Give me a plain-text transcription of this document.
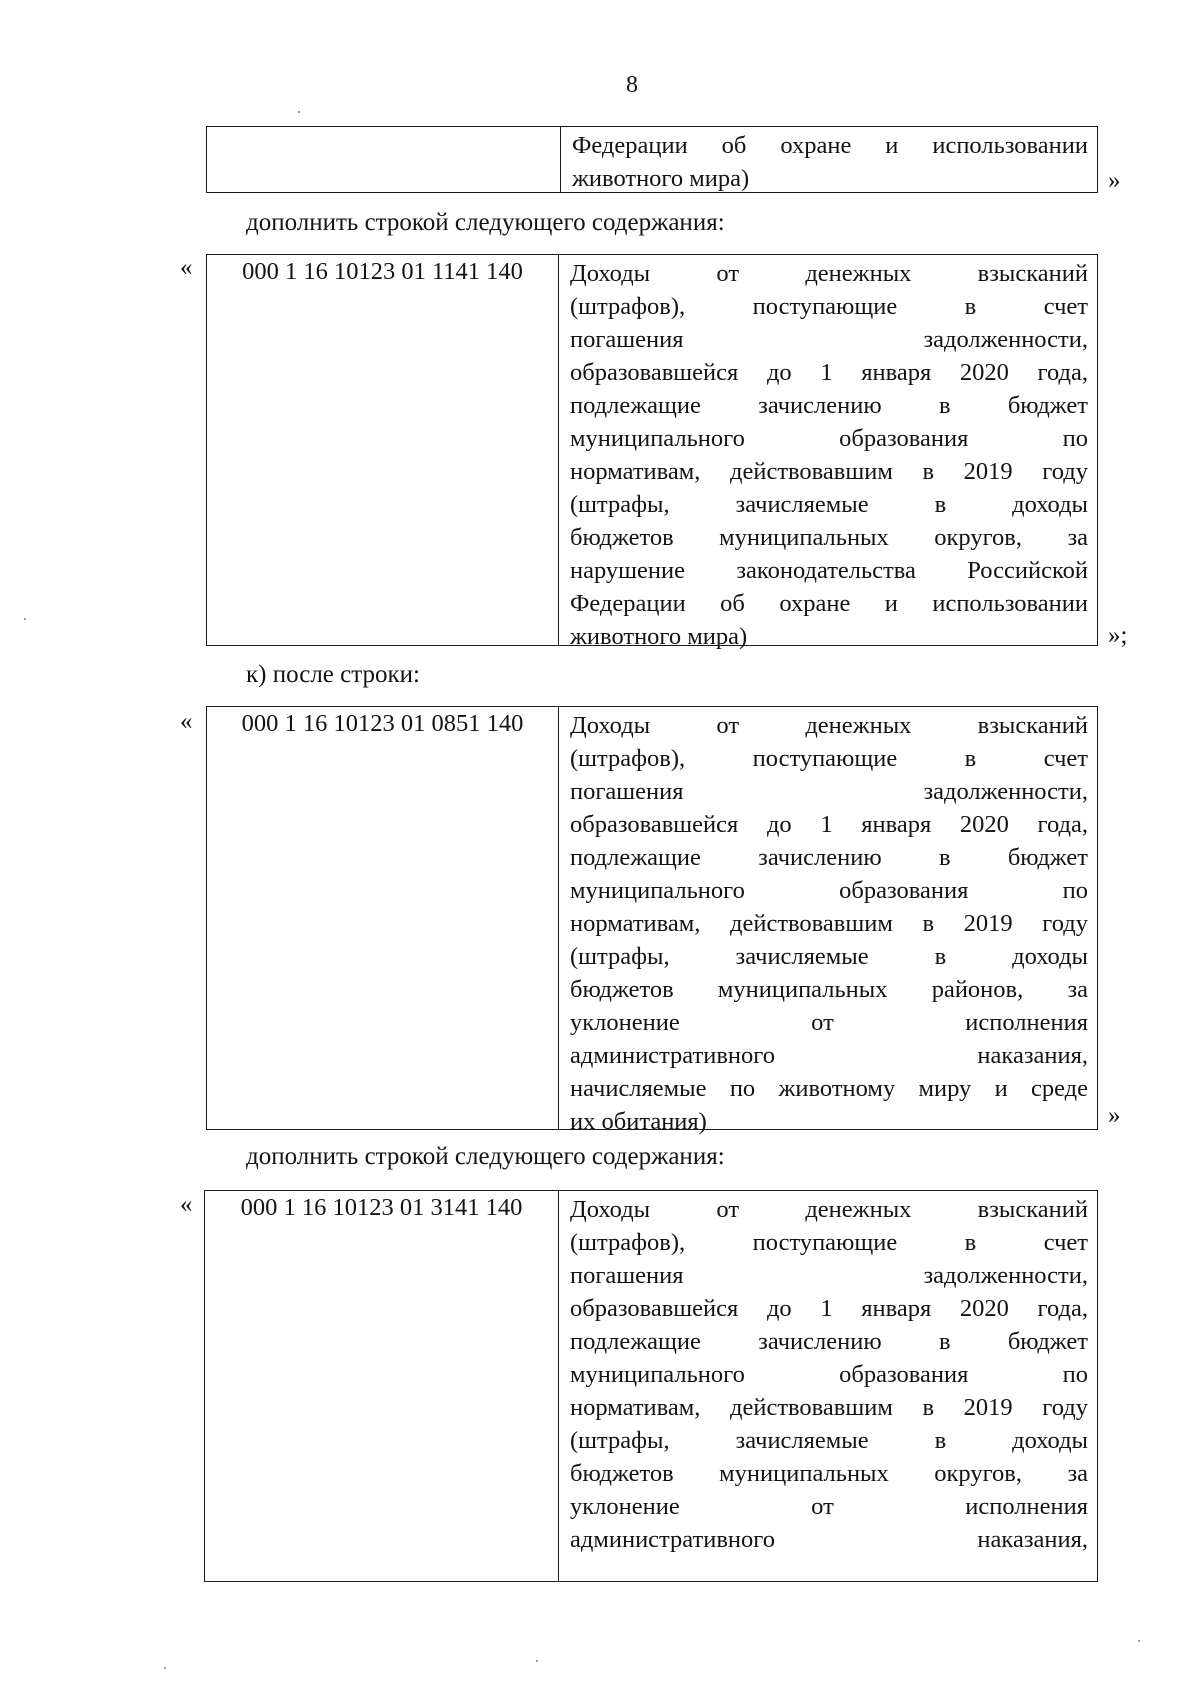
8
Федерации об охране и использовании
животного мира)	»
дополнить строкой следующего содержания:
«	000 1 16 10123 01 1141 140	Доходы от денежных взысканий
(штрафов), поступающие в счет
погашения задолженности,
образовавшейся до 1 января 2020 года,
подлежащие зачислению в бюджет
муниципального образования по
нормативам, действовавшим в 2019 году
(штрафы, зачисляемые в доходы
бюджетов муниципальных округов, за
нарушение законодательства Российской
Федерации об охране и использовании
животного мира)	»;
к) после строки:
«	000 1 16 10123 01 0851 140	Доходы от денежных взысканий
(штрафов), поступающие в счет
погашения задолженности,
образовавшейся до 1 января 2020 года,
подлежащие зачислению в бюджет
муниципального образования по
нормативам, действовавшим в 2019 году
(штрафы, зачисляемые в доходы
бюджетов муниципальных районов, за
уклонение от исполнения
административного наказания,
начисляемые по животному миру и среде
их обитания)	»
дополнить строкой следующего содержания:
«	000 1 16 10123 01 3141 140	Доходы от денежных взысканий
(штрафов), поступающие в счет
погашения задолженности,
образовавшейся до 1 января 2020 года,
подлежащие зачислению в бюджет
муниципального образования по
нормативам, действовавшим в 2019 году
(штрафы, зачисляемые в доходы
бюджетов муниципальных округов, за
уклонение от исполнения
административного наказания,
